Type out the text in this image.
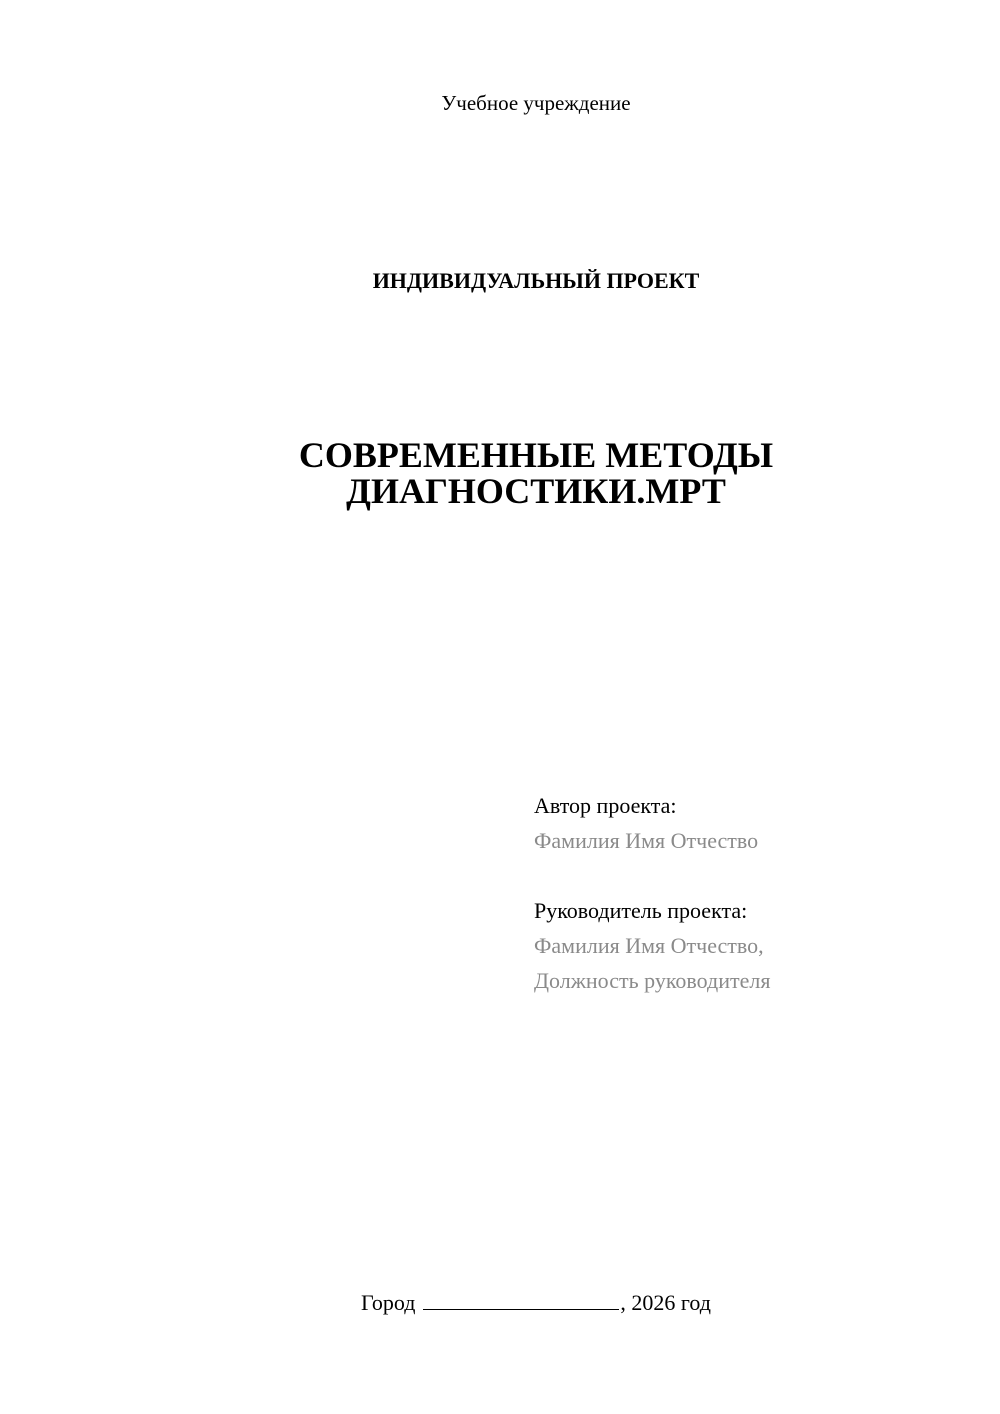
Учебное учреждение
ИНДИВИДУАЛЬНЫЙ ПРОЕКТ
СОВРЕМЕННЫЕ МЕТОДЫ
ДИАГНОСТИКИ.МРТ
Автор проекта:
Фамилия Имя Отчество
Руководитель проекта:
Фамилия Имя Отчество,
Должность руководителя
Город	, 2026 год
